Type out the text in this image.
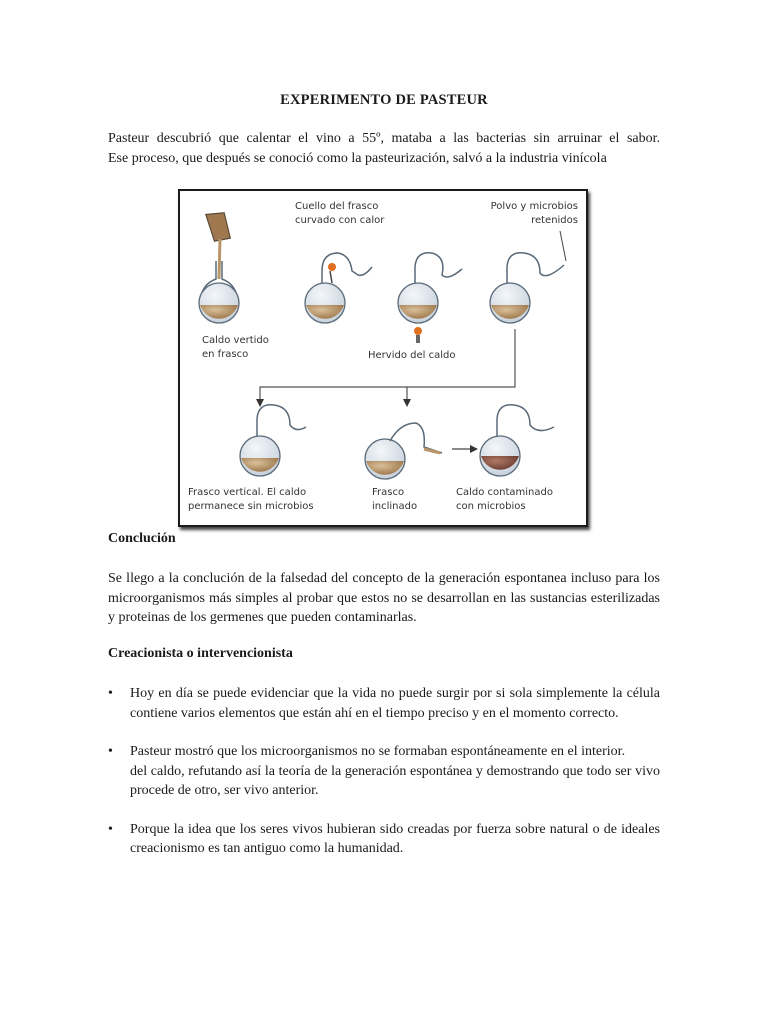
EXPERIMENTO DE PASTEUR
Pasteur descubrió que calentar el vino a 55º, mataba a las bacterias sin arruinar el sabor.
Ese proceso, que después se conoció como la pasteurización, salvó a la industria vinícola
Caldo vertido
en frasco
Cuello del frasco
curvado con calor
Hervido del caldo
Polvo y microbios
retenidos
Frasco vertical. El caldo
permanece sin microbios
Frasco
inclinado
Caldo contaminado
con microbios
Conclución
Se llego a la conclución de la falsedad del concepto de la generación espontanea incluso para los microorganismos más simples al probar que estos no se desarrollan en las sustancias esterilizadas y proteinas de los germenes que pueden contaminarlas.
Creacionista o intervencionista
• Hoy en día se puede evidenciar que la vida no puede surgir por si sola simplemente la célula contiene varios elementos que están ahí en el tiempo preciso y en el momento correcto.
• Pasteur mostró que los microorganismos no se formaban espontáneamente en el interior.
del caldo, refutando así la teoría de la generación espontánea y demostrando que todo ser vivo procede de otro, ser vivo anterior.
• Porque la idea que los seres vivos hubieran sido creadas por fuerza sobre natural o de ideales creacionismo es tan antiguo como la humanidad.
